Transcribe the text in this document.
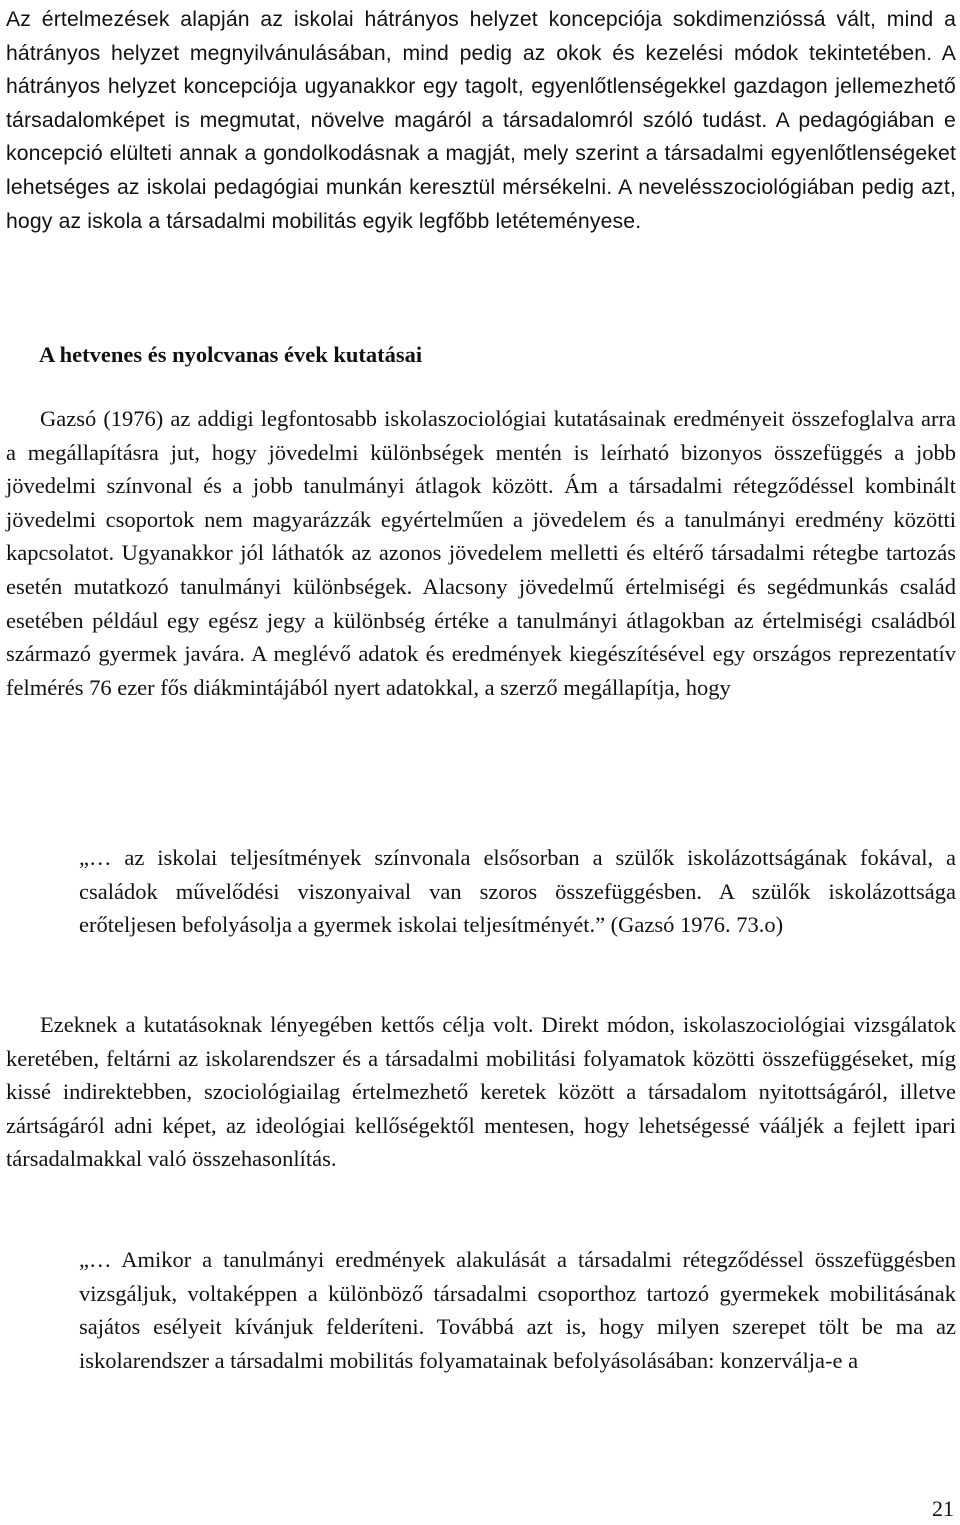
Az értelmezések alapján az iskolai hátrányos helyzet koncepciója sokdimenzióssá vált, mind a hátrányos helyzet megnyilvánulásában, mind pedig az okok és kezelési módok tekintetében. A hátrányos helyzet koncepciója ugyanakkor egy tagolt, egyenlőtlenségekkel gazdagon jellemezhető társadalomképet is megmutat, növelve magáról a társadalomról szóló tudást. A pedagógiában e koncepció elülteti annak a gondolkodásnak a magját, mely szerint a társadalmi egyenlőtlenségeket lehetséges az iskolai pedagógiai munkán keresztül mérsékelni. A nevelésszociológiában pedig azt, hogy az iskola a társadalmi mobilitás egyik legfőbb letéteményese.

A hetvenes és nyolcvanas évek kutatásai

Gazsó (1976) az addigi legfontosabb iskolaszociológiai kutatásainak eredményeit összefoglalva arra a megállapításra jut, hogy jövedelmi különbségek mentén is leírható bizonyos összefüggés a jobb jövedelmi színvonal és a jobb tanulmányi átlagok között. Ám a társadalmi rétegződéssel kombinált jövedelmi csoportok nem magyarázzák egyértelműen a jövedelem és a tanulmányi eredmény közötti kapcsolatot. Ugyanakkor jól láthatók az azonos jövedelem melletti és eltérő társadalmi rétegbe tartozás esetén mutatkozó tanulmányi különbségek. Alacsony jövedelmű értelmiségi és segédmunkás család esetében például egy egész jegy a különbség értéke a tanulmányi átlagokban az értelmiségi családból származó gyermek javára. A meglévő adatok és eredmények kiegészítésével egy országos reprezentatív felmérés 76 ezer fős diákmintájából nyert adatokkal, a szerző megállapítja, hogy

„… az iskolai teljesítmények színvonala elsősorban a szülők iskolázottságának fokával, a családok művelődési viszonyaival van szoros összefüggésben. A szülők iskolázottsága erőteljesen befolyásolja a gyermek iskolai teljesítményét.” (Gazsó 1976. 73.o)

Ezeknek a kutatásoknak lényegében kettős célja volt. Direkt módon, iskolaszociológiai vizsgálatok keretében, feltárni az iskolarendszer és a társadalmi mobilitási folyamatok közötti összefüggéseket, míg kissé indirektebben, szociológiailag értelmezhető keretek között a társadalom nyitottságáról, illetve zártságáról adni képet, az ideológiai kellőségektől mentesen, hogy lehetségessé vááljék a fejlett ipari társadalmakkal való összehasonlítás.

„… Amikor a tanulmányi eredmények alakulását a társadalmi rétegződéssel összefüggésben vizsgáljuk, voltaképpen a különböző társadalmi csoporthoz tartozó gyermekek mobilitásának sajátos esélyeit kívánjuk felderíteni. Továbbá azt is, hogy milyen szerepet tölt be ma az iskolarendszer a társadalmi mobilitás folyamatainak befolyásolásában: konzerválja-e a

21
